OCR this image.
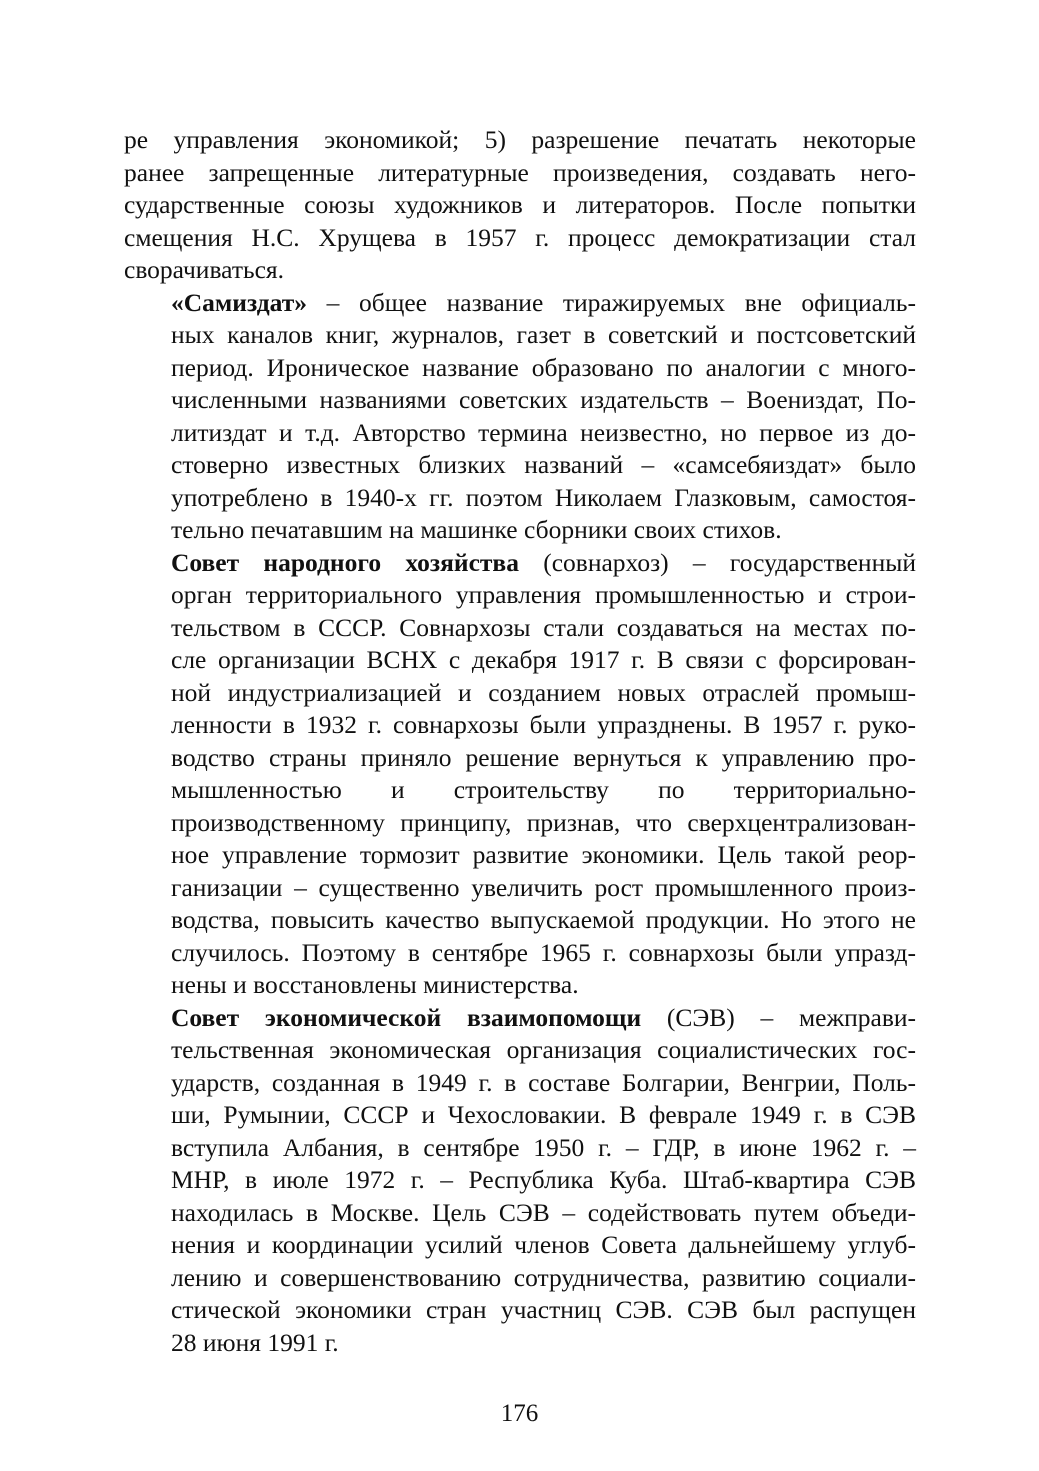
ре управления экономикой; 5) разрешение печатать некоторые
ранее запрещенные литературные произведения, создавать него-
сударственные союзы художников и литераторов. После попытки
смещения Н.С. Хрущева в 1957 г. процесс демократизации стал
сворачиваться.
«Самиздат» – общее название тиражируемых вне официаль-
ных каналов книг, журналов, газет в советский и постсоветский
период. Ироническое название образовано по аналогии с много-
численными названиями советских издательств – Воениздат, По-
литиздат и т.д. Авторство термина неизвестно, но первое из до-
стоверно известных близких названий – «самсебяиздат» было
употреблено в 1940-х гг. поэтом Николаем Глазковым, самостоя-
тельно печатавшим на машинке сборники своих стихов.
Совет народного хозяйства (совнархоз) – государственный
орган территориального управления промышленностью и строи-
тельством в СССР. Совнархозы стали создаваться на местах по-
сле организации ВСНХ с декабря 1917 г. В связи с форсирован-
ной индустриализацией и созданием новых отраслей промыш-
ленности в 1932 г. совнархозы были упразднены. В 1957 г. руко-
водство страны приняло решение вернуться к управлению про-
мышленностью и строительству по территориально-
производственному принципу, признав, что сверхцентрализован-
ное управление тормозит развитие экономики. Цель такой реор-
ганизации – существенно увеличить рост промышленного произ-
водства, повысить качество выпускаемой продукции. Но этого не
случилось. Поэтому в сентябре 1965 г. совнархозы были упразд-
нены и восстановлены министерства.
Совет экономической взаимопомощи (СЭВ) – межправи-
тельственная экономическая организация социалистических гос-
ударств, созданная в 1949 г. в составе Болгарии, Венгрии, Поль-
ши, Румынии, СССР и Чехословакии. В феврале 1949 г. в СЭВ
вступила Албания, в сентябре 1950 г. – ГДР, в июне 1962 г. –
МНР, в июле 1972 г. – Республика Куба. Штаб-квартира СЭВ
находилась в Москве. Цель СЭВ – содействовать путем объеди-
нения и координации усилий членов Совета дальнейшему углуб-
лению и совершенствованию сотрудничества, развитию социали-
стической экономики стран участниц СЭВ. СЭВ был распущен
28 июня 1991 г.
176
